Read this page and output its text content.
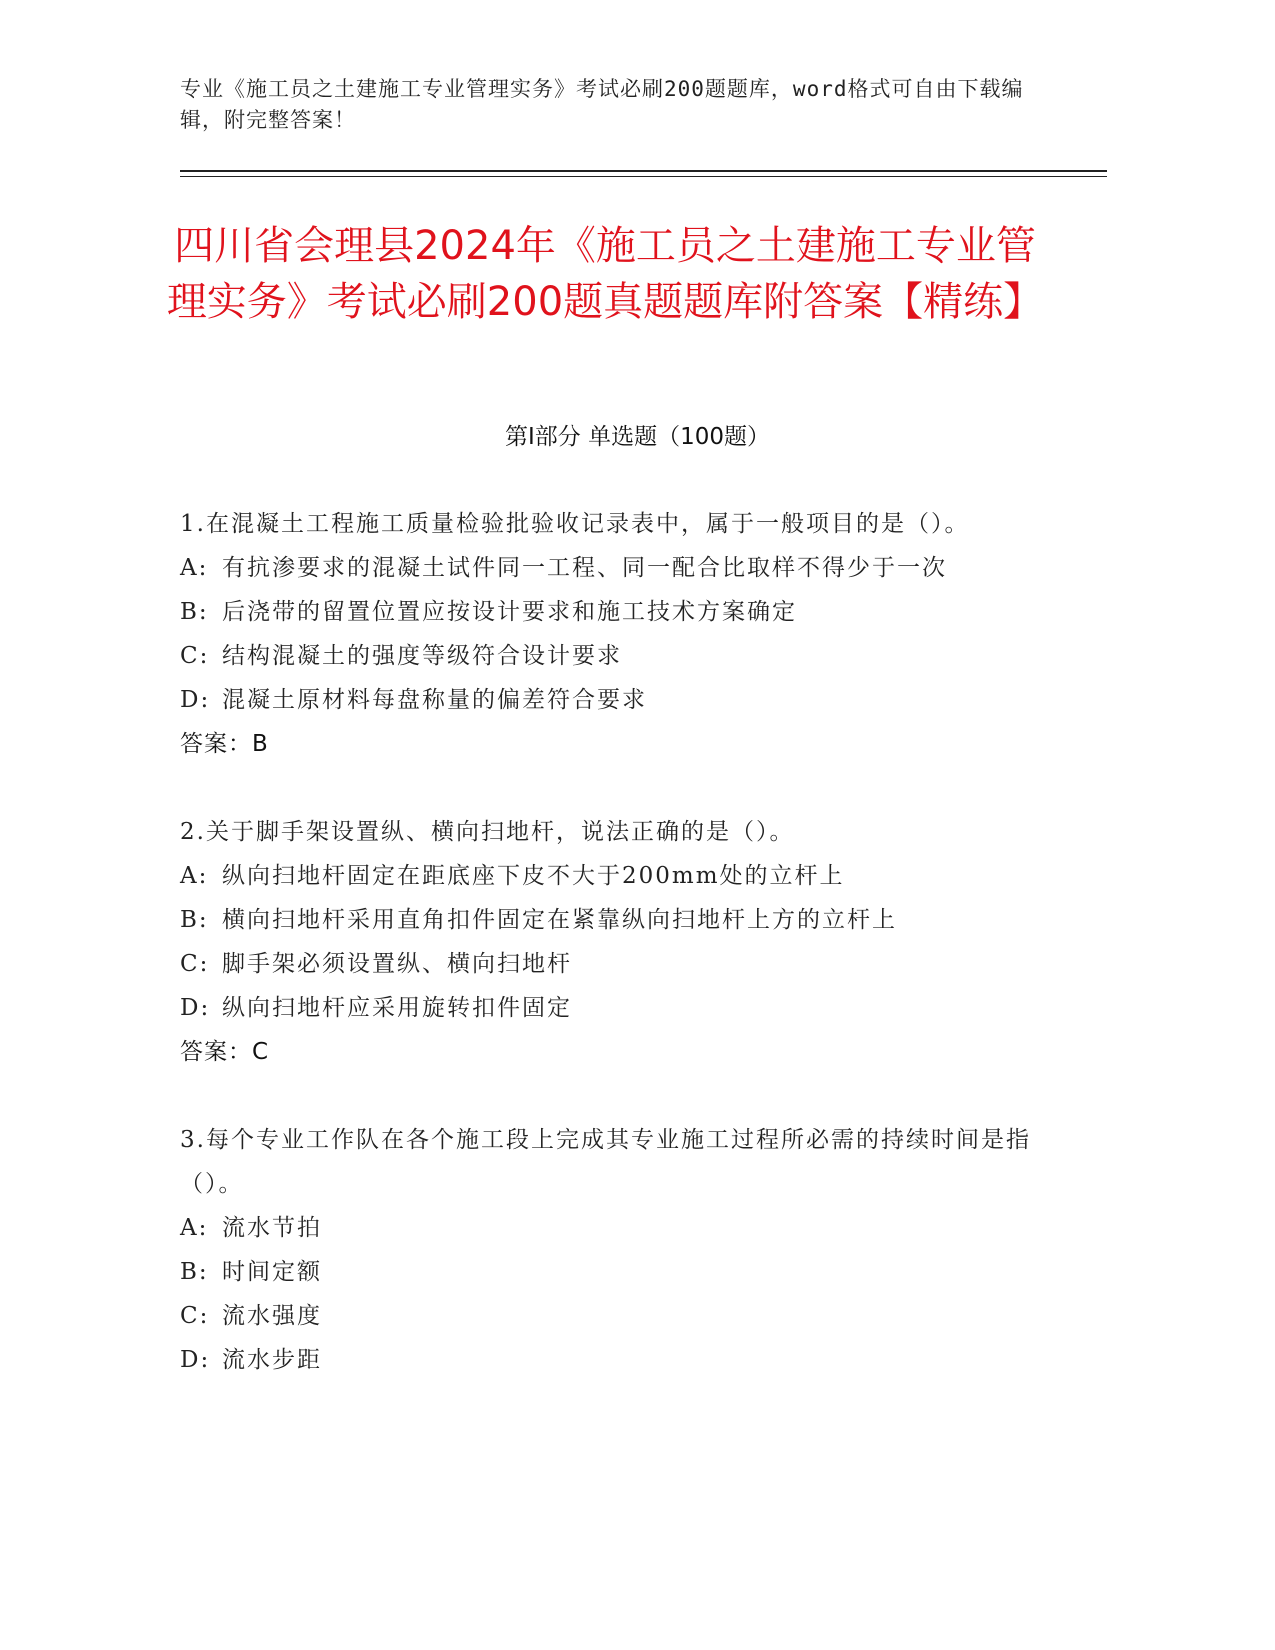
专业《施工员之土建施工专业管理实务》考试必刷200题题库，word格式可自由下载编辑，附完整答案！
四川省会理县2024年《施工员之土建施工专业管理实务》考试必刷200题真题题库附答案【精练】
第I部分 单选题（100题）

1.在混凝土工程施工质量检验批验收记录表中，属于一般项目的是（）。

A: 有抗渗要求的混凝土试件同一工程、同一配合比取样不得少于一次

B: 后浇带的留置位置应按设计要求和施工技术方案确定

C: 结构混凝土的强度等级符合设计要求

D: 混凝土原材料每盘称量的偏差符合要求

答案：B

2.关于脚手架设置纵、横向扫地杆，说法正确的是（）。

A: 纵向扫地杆固定在距底座下皮不大于200mm处的立杆上

B: 横向扫地杆采用直角扣件固定在紧靠纵向扫地杆上方的立杆上

C: 脚手架必须设置纵、横向扫地杆

D: 纵向扫地杆应采用旋转扣件固定

答案：C

3.每个专业工作队在各个施工段上完成其专业施工过程所必需的持续时间是指（）。

A: 流水节拍

B: 时间定额

C: 流水强度

D: 流水步距
